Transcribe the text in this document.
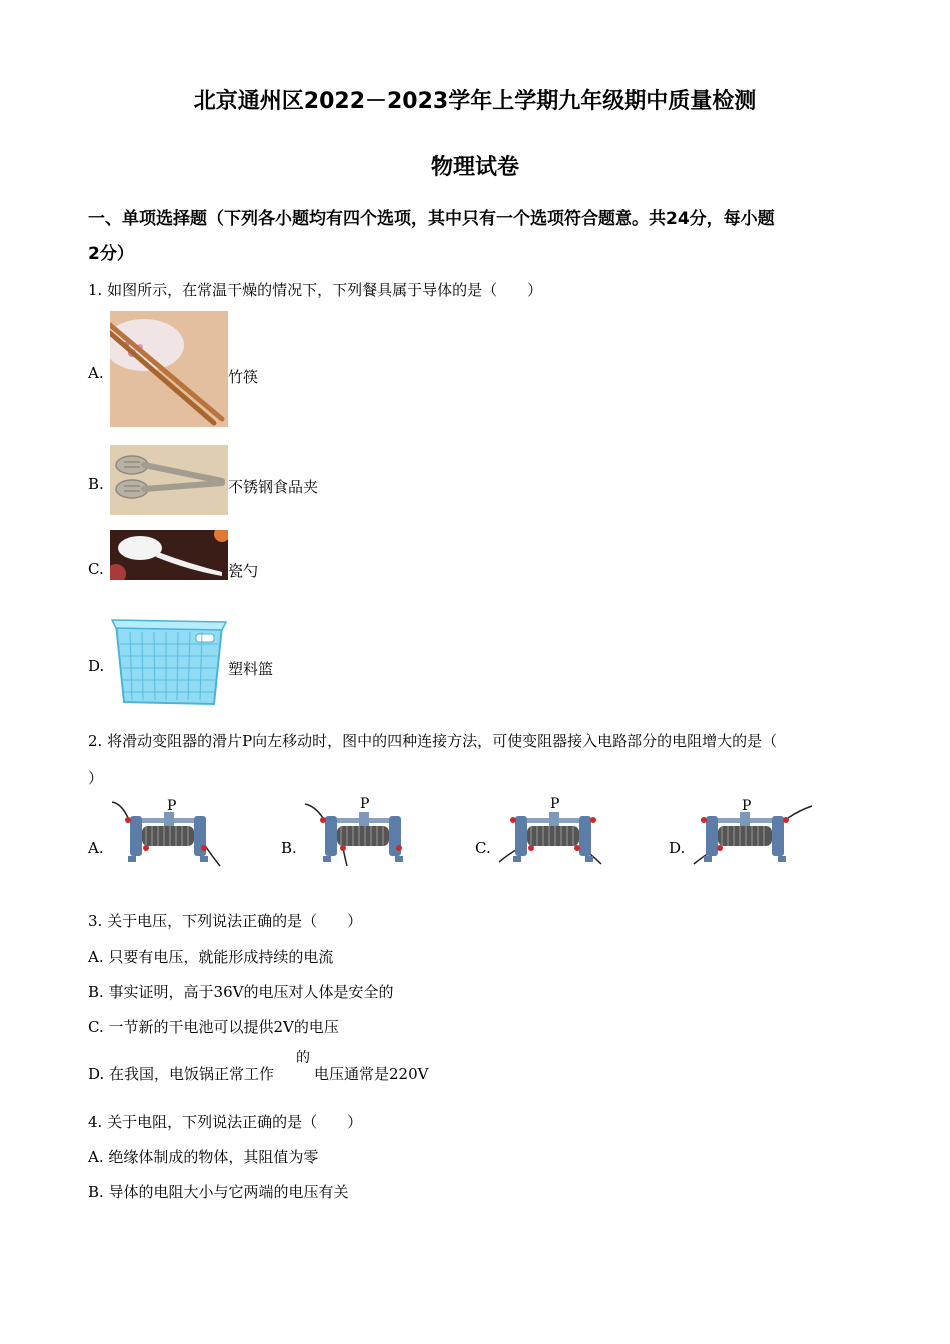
北京通州区2022－2023学年上学期九年级期中质量检测
物理试卷
一、单项选择题（下列各小题均有四个选项，其中只有一个选项符合题意。共24分，每小题
2分）
1. 如图所示，在常温干燥的情况下，下列餐具属于导体的是（　　）
A.	竹筷
B.	不锈钢食品夹
C.	瓷勺
D.	塑料篮
2. 将滑动变阻器的滑片P向左移动时，图中的四种连接方法，可使变阻器接入电路部分的电阻增大的是（
）
A.
P
B.
P
C.
P
D.
P
3. 关于电压，下列说法正确的是（　　）
A. 只要有电压，就能形成持续的电流
B. 事实证明，高于36V的电压对人体是安全的
C. 一节新的干电池可以提供2V的电压
D. 在我国，电饭锅正常工作
的
电压通常是220V
4. 关于电阻，下列说法正确的是（　　）
A. 绝缘体制成的物体，其阻值为零
B. 导体的电阻大小与它两端的电压有关
